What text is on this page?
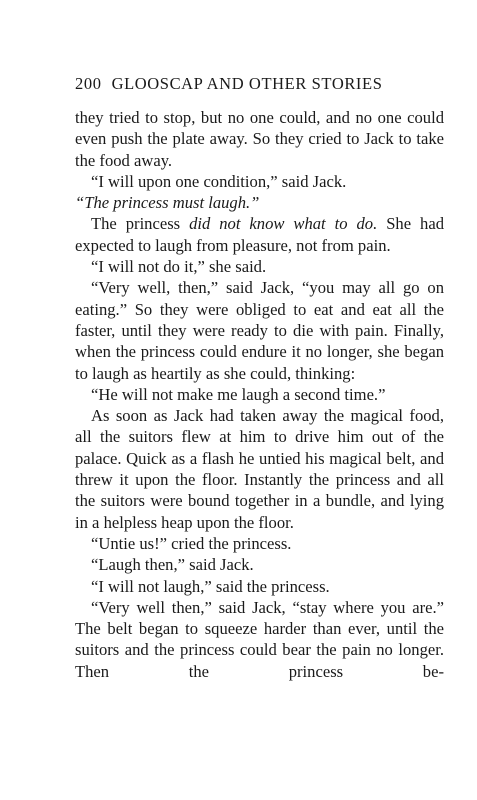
200 GLOOSCAP AND OTHER STORIES

they tried to stop, but no one could, and no one could even push the plate away. So they cried to Jack to take the food away.

“I will upon one condition,” said Jack.

“The princess must laugh.”

The princess did not know what to do. She had expected to laugh from pleasure, not from pain.

“I will not do it,” she said.

“Very well, then,” said Jack, “you may all go on eating.” So they were obliged to eat and eat all the faster, until they were ready to die with pain. Finally, when the princess could endure it no longer, she began to laugh as heartily as she could, thinking:

“He will not make me laugh a second time.”

As soon as Jack had taken away the magical food, all the suitors flew at him to drive him out of the palace. Quick as a flash he untied his magical belt, and threw it upon the floor. Instantly the princess and all the suitors were bound together in a bundle, and lying in a helpless heap upon the floor.

“Untie us!” cried the princess.

“Laugh then,” said Jack.

“I will not laugh,” said the princess.

“Very well then,” said Jack, “stay where you are.” The belt began to squeeze harder than ever, until the suitors and the princess could bear the pain no longer. Then the princess be-
